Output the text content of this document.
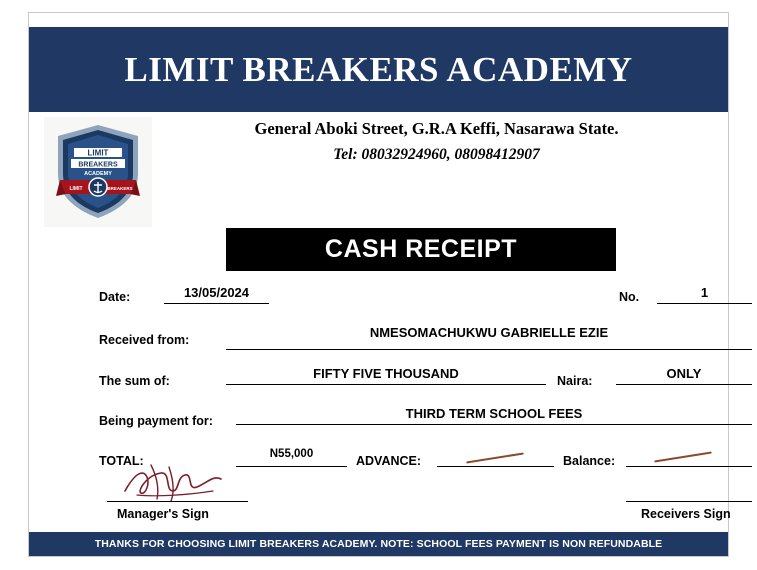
LIMIT BREAKERS ACADEMY
LIMIT
BREAKERS
ACADEMY
LIMIT	BREAKERS
General Aboki Street, G.R.A Keffi, Nasarawa State.
Tel: 08032924960, 08098412907
CASH RECEIPT
Date:	13/05/2024	No.	1
Received from:	NMESOMACHUKWU GABRIELLE EZIE
The sum of:	FIFTY FIVE THOUSAND	Naira:	ONLY
Being payment for:	THIRD TERM SCHOOL FEES
TOTAL:	N55,000	ADVANCE:	Balance:
Manager's Sign	Receivers Sign
THANKS FOR CHOOSING LIMIT BREAKERS ACADEMY. NOTE: SCHOOL FEES PAYMENT IS NON REFUNDABLE
